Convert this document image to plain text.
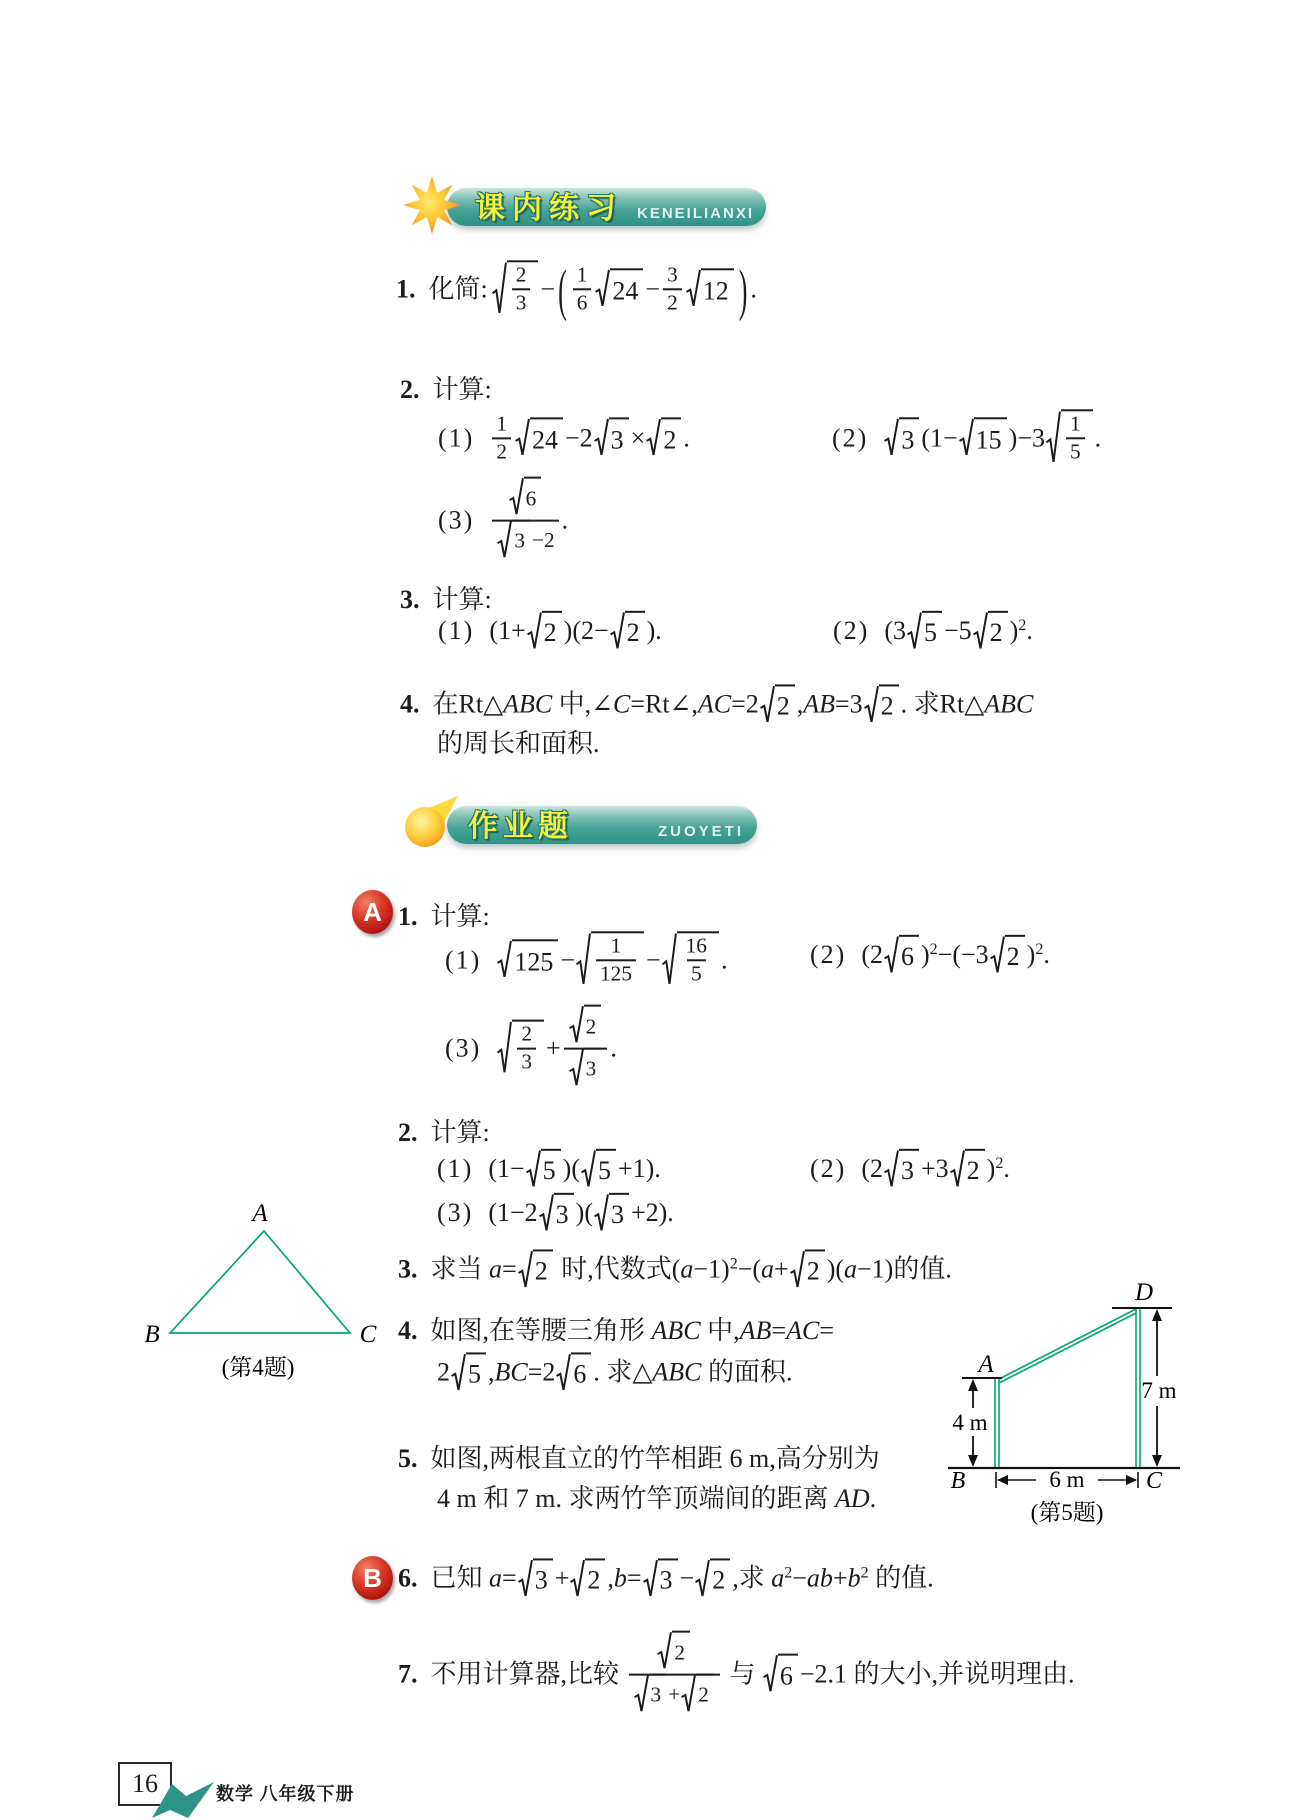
课内练习 KENEILIANXI
1. 化简: $\frac{2}{3}$ − ( $\frac{1}{6} 24 - \frac{3}{2} 12$ ) .
2. 计算:
$(1) \frac{1}{2} 24 -2$ 3 × 2 .	(2) 3 (1− 15 )$-3 \frac{1}{5}$ .
$(3) \frac{6}{3 -2}$ .
3. 计算:
(1) (1+ 2 )(2− 2 ).	(2) (3 5 −5 2 )$^2$.
4. 在Rt△ABC 中,∠C=Rt∠,AC=2 2 ,AB=3 2 . 求Rt△ABC
的周长和面积.
作业题	ZUOYETI
A 1. 计算:
(1) $125 - \frac{1}{125} - \frac{16}{5}$ .	(2) (2 6 )$^2$−(−3 2 )$^2$.
$(3) \frac{2}{3} + \frac{2}{3}$ .
2. 计算:
(1) (1− 5 )( 5 +1).	(2) (2 3 +3 2 )$^2$.
(3) (1−2 3 )( 3 +2).
3. 求当 a= 2 时,代数式$(a-1)^2-(a+ 2$ )(a−1)的值.
4. 如图,在等腰三角形 ABC 中,AB=AC=
2 5 ,BC=2 6 . 求△ABC 的面积.
5. 如图,两根直立的竹竿相距 6 m,高分别为
4 m 和 7 m. 求两竹竿顶端间的距离 AD.
B 6. 已知 a= 3 + 2 ,b= 3 − 2 ,求 $a^2-ab+b^2$ 的值.
7. 不用计算器,比较 $\frac{2}{3 + 2}$ 与 6 −2.1 的大小,并说明理由.
A
B	C
(第4题)	A
D
B	C
4 m
7 m
6 m
(第5题)
16	数学 八年级下册
